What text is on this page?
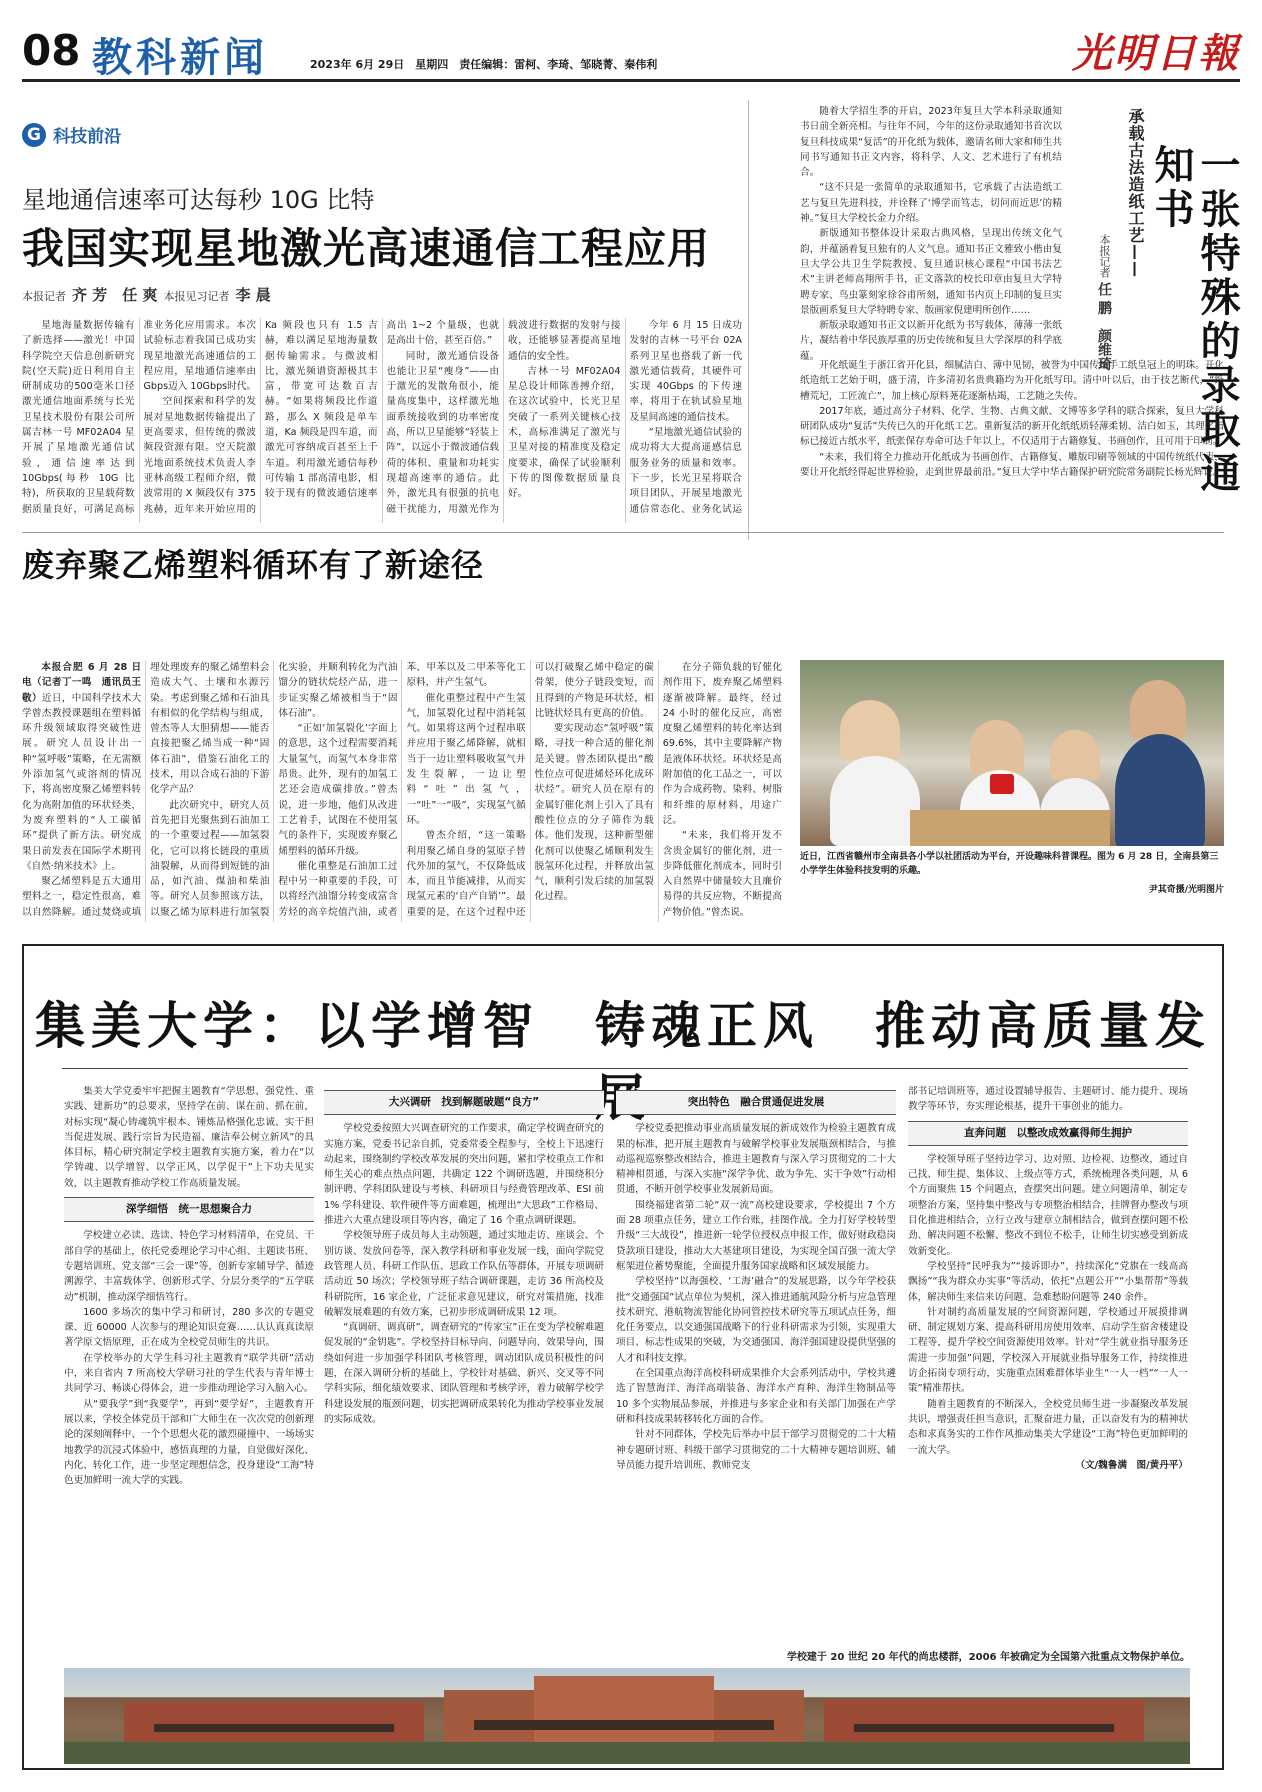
08 教科新闻	2023年 6月 29日　星期四　责任编辑：雷柯、李琦、邹晓菁、秦伟利	光明日報
G 科技前沿
星地通信速率可达每秒 10G 比特
我国实现星地激光高速通信工程应用
本报记者 齐 芳　任 爽 本报见习记者 李 晨

星地海量数据传输有了新选择——激光！中国科学院空天信息创新研究院(空天院)近日利用自主研制成功的500毫米口径激光通信地面系统与长光卫星技术股份有限公司所属吉林一号 MF02A04 星开展了星地激光通信试验，通信速率达到 10Gbps(每秒 10G 比特)，所获取的卫星载荷数据质量良好，可满足高标准业务化应用需求。本次试验标志着我国已成功实现星地激光高速通信的工程应用，星地通信速率由 Gbps迈入 10Gbps时代。

空间探索和科学的发展对星地数据传输提出了更高要求，但传统的微波频段资源有限。空天院激光地面系统技术负责人李亚林高级工程师介绍，微波常用的 X 频段仅有 375 兆赫，近年来开始应用的 Ka 频段也只有 1.5 吉赫，难以满足星地海量数据传输需求。与微波相比，激光频谱资源极其丰富，带宽可达数百吉赫。“如果将频段比作道路，那么 X 频段是单车道，Ka 频段是四车道，而激光可容纳成百甚至上千车道。利用激光通信每秒可传输 1 部高清电影，相较于现有的微波通信速率高出 1~2 个量级，也就是高出十倍，甚至百倍。”

同时，激光通信设备也能让卫星“瘦身”——由于激光的发散角很小，能量高度集中，这样激光地面系统接收到的功率密度高，所以卫星能够“轻装上阵”，以远小于微波通信载荷的体积、重量和功耗实现超高速率的通信。此外，激光具有很强的抗电磁干扰能力，用激光作为载波进行数据的发射与接收，还能够显著提高星地通信的安全性。

吉林一号 MF02A04 星总设计师陈善搏介绍，在这次试验中，长光卫星突破了一系列关键核心技术，高标准满足了激光与卫星对接的精准度及稳定度要求，确保了试验顺利下传的图像数据质量良好。

今年 6 月 15 日成功发射的吉林一号平台 02A 系列卫星也搭载了新一代激光通信载荷，其硬件可实现 40Gbps 的下传速率，将用于在轨试验星地及星间高速的通信技术。

“星地激光通信试验的成功将大大提高遥感信息服务业务的质量和效率。下一步，长光卫星将联合项目团队，开展星地激光通信常态化、业务化试运

随着大学招生季的开启，2023年复旦大学本科录取通知书日前全新亮相。与往年不同，今年的这份录取通知书首次以复旦科技成果“复活”的开化纸为载体，邀请名师大家和师生共同书写通知书正文内容，将科学、人文、艺术进行了有机结合。

“这不只是一张简单的录取通知书，它承载了古法造纸工艺与复旦先进科技，并诠释了‘博学而笃志，切问而近思’的精神。”复旦大学校长金力介绍。

新版通知书整体设计采取古典风格，呈现出传统文化气韵，并蕴涵着复旦独有的人文气息。通知书正文雅致小楷由复旦大学公共卫生学院教授、复旦通识核心课程“中国书法艺术”主讲老师高翔所手书，正文落款的校长印章由复旦大学特聘专家、鸟虫篆刻家徐谷甫所刻，通知书内页上印制的复旦实景版画系复旦大学特聘专家、版画家倪建明所创作……

新版录取通知书正文以新开化纸为书写载体，薄薄一张纸片，凝结着中华民族厚重的历史传统和复旦大学深厚的科学底蕴。

本报记者任 鹏　颜维琦
承载古法造纸工艺——	一张特殊的录取通知书

开化纸诞生于浙江省开化县，细腻洁白、薄中见韧，被誉为中国传统手工纸皇冠上的明珠。开化纸造纸工艺始于明，盛于清，许多清初名贵典籍均为开化纸写印。清中叶以后，由于技艺断代，“纸槽荒圮，工匠流亡”，加上核心原料荛花逐渐枯竭，工艺随之失传。

2017年底，通过高分子材料、化学、生物、古典文献、文博等多学科的联合探索，复旦大学科研团队成功“复活”失传已久的开化纸工艺。重新复活的新开化纸纸质轻薄柔韧、洁白如玉，其理化指标已接近古纸水平，纸张保存寿命可达千年以上，不仅适用于古籍修复、书画创作，且可用于印刷。

“未来，我们将全力推动开化纸成为书画创作、古籍修复、雕版印刷等领域的中国传统纸代表，要让开化纸经得起世界检验，走到世界最前沿。”复旦大学中华古籍保护研究院常务副院长杨光辉说。

废弃聚乙烯塑料循环有了新途径

本报合肥 6 月 28 日电（记者丁一鸣　通讯员王敬）近日，中国科学技术大学曾杰教授课题组在塑料循环升级领域取得突破性进展。研究人员设计出一种“氢呼吸”策略，在无需额外添加氢气或溶剂的情况下，将高密度聚乙烯塑料转化为高附加值的环状烃类，为废弃塑料的“人工碳循环”提供了新方法。研究成果日前发表在国际学术期刊《自然·纳米技术》上。

聚乙烯塑料是五大通用塑料之一，稳定性很高，难以自然降解。通过焚烧或填埋处理废弃的聚乙烯塑料会造成大气、土壤和水源污染。考虑到聚乙烯和石油具有相似的化学结构与组成，曾杰等人大胆猜想——能否直接把聚乙烯当成一种“固体石油”，借鉴石油化工的技术，用以合成石油的下游化学产品？

此次研究中，研究人员首先把目光聚焦到石油加工的一个重要过程——加氢裂化，它可以将长链段的重质油裂解，从而得到短链的油品，如汽油、煤油和柴油等。研究人员参照该方法，以聚乙烯为原料进行加氢裂化实验，并顺利转化为汽油馏分的链状烷烃产品，进一步证实聚乙烯被相当于“固体石油”。

“正如‘加氢裂化’字面上的意思，这个过程需要消耗大量氢气，而氢气本身非常昂贵。此外，现有的加氢工艺还会造成碳排放。”曾杰说，进一步地，他们从改进工艺着手，试图在不使用氢气的条件下，实现废弃聚乙烯塑料的循环升级。

催化重整是石油加工过程中另一种重要的手段，可以将经汽油馏分转变成富含芳烃的高辛烷值汽油，或者苯、甲苯以及二甲苯等化工原料，并产生氢气。

催化重整过程中产生氢气，加氢裂化过程中消耗氢气。如果将这两个过程串联并应用于聚乙烯降解，就相当于一边让塑料吸收氢气并发生裂解，一边让塑料“吐”出氢气，一“吐”一“吸”，实现氢气循环。

曾杰介绍，“这一策略利用聚乙烯自身的氢原子替代外加的氢气，不仅降低成本，而且节能减排，从而实现氢元素的‘自产自销’”。最重要的是，在这个过程中还可以打破聚乙烯中稳定的碳骨架，使分子链段变短，而且得到的产物是环状烃，相比链状烃具有更高的价值。

要实现动态“氢呼吸”策略，寻找一种合适的催化剂是关键。曾杰团队提出“酸性位点可促进烯烃环化成环状烃”。研究人员在原有的金属钌催化剂上引入了具有酸性位点的分子筛作为载体。他们发现，这种新型催化剂可以使聚乙烯顺利发生脱氢环化过程，并释放出氢气，顺利引发后续的加氢裂化过程。

在分子筛负载的钌催化剂作用下，废弃聚乙烯塑料逐渐被降解。最终，经过 24 小时的催化反应，高密度聚乙烯塑料的转化率达到 69.6%，其中主要降解产物是液体环状烃。环状烃是高附加值的化工品之一，可以作为合成药物、染料、树脂和纤维的原材料，用途广泛。

“未来，我们将开发不含贵金属钌的催化剂，进一步降低催化剂成本，同时引入自然界中储量较大且廉价易得的共反应物，不断提高产物价值。”曾杰说。

近日，江西省赣州市全南县各小学以社团活动为平台，开设趣味科普课程。图为 6 月 28 日，全南县第三小学学生体验科技发明的乐趣。
尹其奇摄/光明图片
集美大学：以学增智　铸魂正风　推动高质量发

集美大学党委牢牢把握主题教育“学思想、强党性、重实践、建新功”的总要求，坚持学在前、谋在前、抓在前，对标实现“凝心铸魂筑牢根本、锤炼品格强化忠诚、实干担当促进发展、践行宗旨为民造福、廉洁奉公树立新风”的具体目标，精心研究制定学校主题教育实施方案，着力在“以学铸魂、以学增智、以学正风、以学促干”上下功夫见实效，以主题教育推动学校工作高质量发展。

深学细悟　统一思想聚合力

学校建立必读、选读、特色学习材料清单，在党员、干部自学的基础上，依托党委理论学习中心组、主题读书班、专题培训班、党支部“三会一课”等，创新专家辅导学、循迹溯源学、丰富载体学、创新形式学、分层分类学的“五学联动”机制，推动深学细悟笃行。

1600 多场次的集中学习和研讨，280 多次的专题党课、近 60000 人次参与的理论知识竞赛……认认真真读原著学原文悟原理，正在成为全校党员师生的共识。

在学校举办的大学生科习社主题教育“联学共研”活动中，来自省内 7 所高校大学研习社的学生代表与青年博士共同学习、畅谈心得体会，进一步推动理论学习入脑入心。

从“要我学”到“我要学”，再到“要学好”，主题教育开展以来，学校全体党员干部和广大师生在一次次党的创新理论的深刻阐释中、一个个思想火花的激烈碰撞中、一场场实地教学的沉浸式体验中，感悟真理的力量，自觉做好深化、内化、转化工作，进一步坚定理想信念，投身建设“工海”特色更加鲜明一流大学的实践。

大兴调研　找到解题破题“良方”

学校党委按照大兴调查研究的工作要求，确定学校调查研究的实施方案，党委书记亲自抓，党委常委全程参与，全校上下迅速行动起来，围绕制约学校改革发展的突出问题，紧扣学校重点工作和师生关心的难点热点问题，共确定 122 个调研选题，并围绕积分制评聘、学科团队建设与考核、科研项目与经费管理改革、ESI 前 1% 学科建设、软件硬件等方面难题，梳理出“大思政”工作格局、推进六大重点建设项目等内容，确定了 16 个重点调研课题。

学校领导班子成员每人主动领题，通过实地走访、座谈会、个别访谈、发放问卷等，深入教学科研和事业发展一线，面向学院党政管理人员、科研工作队伍、思政工作队伍等群体，开展专项调研活动近 50 场次；学校领导班子结合调研课题，走访 36 所高校及科研院所，16 家企业，广泛征求意见建议，研究对策措施，找准破解发展难题的有效方案，已初步形成调研成果 12 项。

“真调研、调真研”，调查研究的“传家宝”正在变为学校解难题促发展的“金钥匙”。学校坚持目标导向、问题导向、效果导向，围绕如何进一步加强学科团队考核管理，调动团队成员积极性的问题，在深入调研分析的基础上，学校针对基础、新兴、交叉等不同学科实际，细化绩效要求、团队管理和考核学评，着力破解学校学科建设发展的瓶颈问题，切实把调研成果转化为推动学校事业发展的实际成效。

突出特色　融合贯通促进发展

学校党委把推动事业高质量发展的新成效作为检验主题教育成果的标准，把开展主题教育与破解学校事业发展瓶颈相结合，与推动巡视巡察整改相结合，推进主题教育与深入学习贯彻党的二十大精神相贯通，与深入实施“深学争优、敢为争先、实干争效”行动相贯通，不断开创学校事业发展新局面。

围绕福建省第二轮“双一流”高校建设要求，学校提出 7 个方面 28 项重点任务，建立工作台账，挂图作战。全力打好学校转型升级“三大战役”，推进新一轮学位授权点申报工作，做好财政稳岗贷款项目建设，推动大大基建项目建设，为实现全国百强一流大学框架进位蓄势聚能，全面提升服务国家战略和区域发展能力。

学校坚持“以海强校、‘工海’融合”的发展思路，以今年学校获批“交通强国”试点单位为契机，深入推进通航风险分析与应急管理技术研究、港航物流智能化协同管控技术研究等五项试点任务，细化任务要点，以交通强国战略下的行业科研需求为引领，实现重大项目、标志性成果的突破，为交通强国、海洋强国建设提供坚强的人才和科技支撑。

在全国重点海洋高校科研成果推介大会系列活动中，学校共遴选了智慧海洋、海洋高端装备、海洋水产育种、海洋生物制品等 10 多个实物展品参展，并推进与多家企业和有关部门加强在产学研和科技成果转移转化方面的合作。

针对不同群体，学校先后举办中层干部学习贯彻党的二十大精神专题研讨班、科级干部学习贯彻党的二十大精神专题培训班、辅导员能力提升培训班、教师党支

部书记培训班等，通过设置辅导报告、主题研讨、能力提升、现场教学等环节，夯实理论根基，提升干事创业的能力。

直奔问题　以整改成效赢得师生拥护

学校领导班子坚持边学习、边对照、边检视、边整改，通过自己找、师生提、集体议、上级点等方式，系统梳理各类问题，从 6 个方面聚焦 15 个问题点，查摆突出问题。建立问题清单，制定专项整治方案，坚持集中整改与专项整治相结合，挂牌督办整改与项目化推进相结合，立行立改与建章立制相结合，做到查摆问题不松劲、解决问题不松懈、整改不到位不松手，让师生切实感受到新成效新变化。

学校坚持“民呼我为”“接诉即办”，持续深化“党旗在一线高高飘扬”“我为群众办实事”等活动，依托“点题公开”“小集帮帮”等载体，解决师生来信来访问题、急难愁盼问题等 240 余件。

针对制约高质量发展的空间资源问题，学校通过开展摸排调研、制定规划方案、提高科研用房使用效率、启动学生宿舍楼建设工程等，提升学校空间资源使用效率。针对“学生就业指导服务还需进一步加强”问题，学校深入开展就业指导服务工作，持续推进访企拓岗专项行动，实施重点困难群体毕业生“一人一档”“一人一策”精准帮扶。

随着主题教育的不断深入，全校党员师生进一步凝聚改革发展共识，增强责任担当意识，汇聚奋进力量，正以奋发有为的精神状态和求真务实的工作作风推动集美大学建设“工海”特色更加鲜明的一流大学。

（文/魏鲁满　图/黄丹平）

学校建于 20 世纪 20 年代的尚忠楼群，2006 年被确定为全国第六批重点文物保护单位。
